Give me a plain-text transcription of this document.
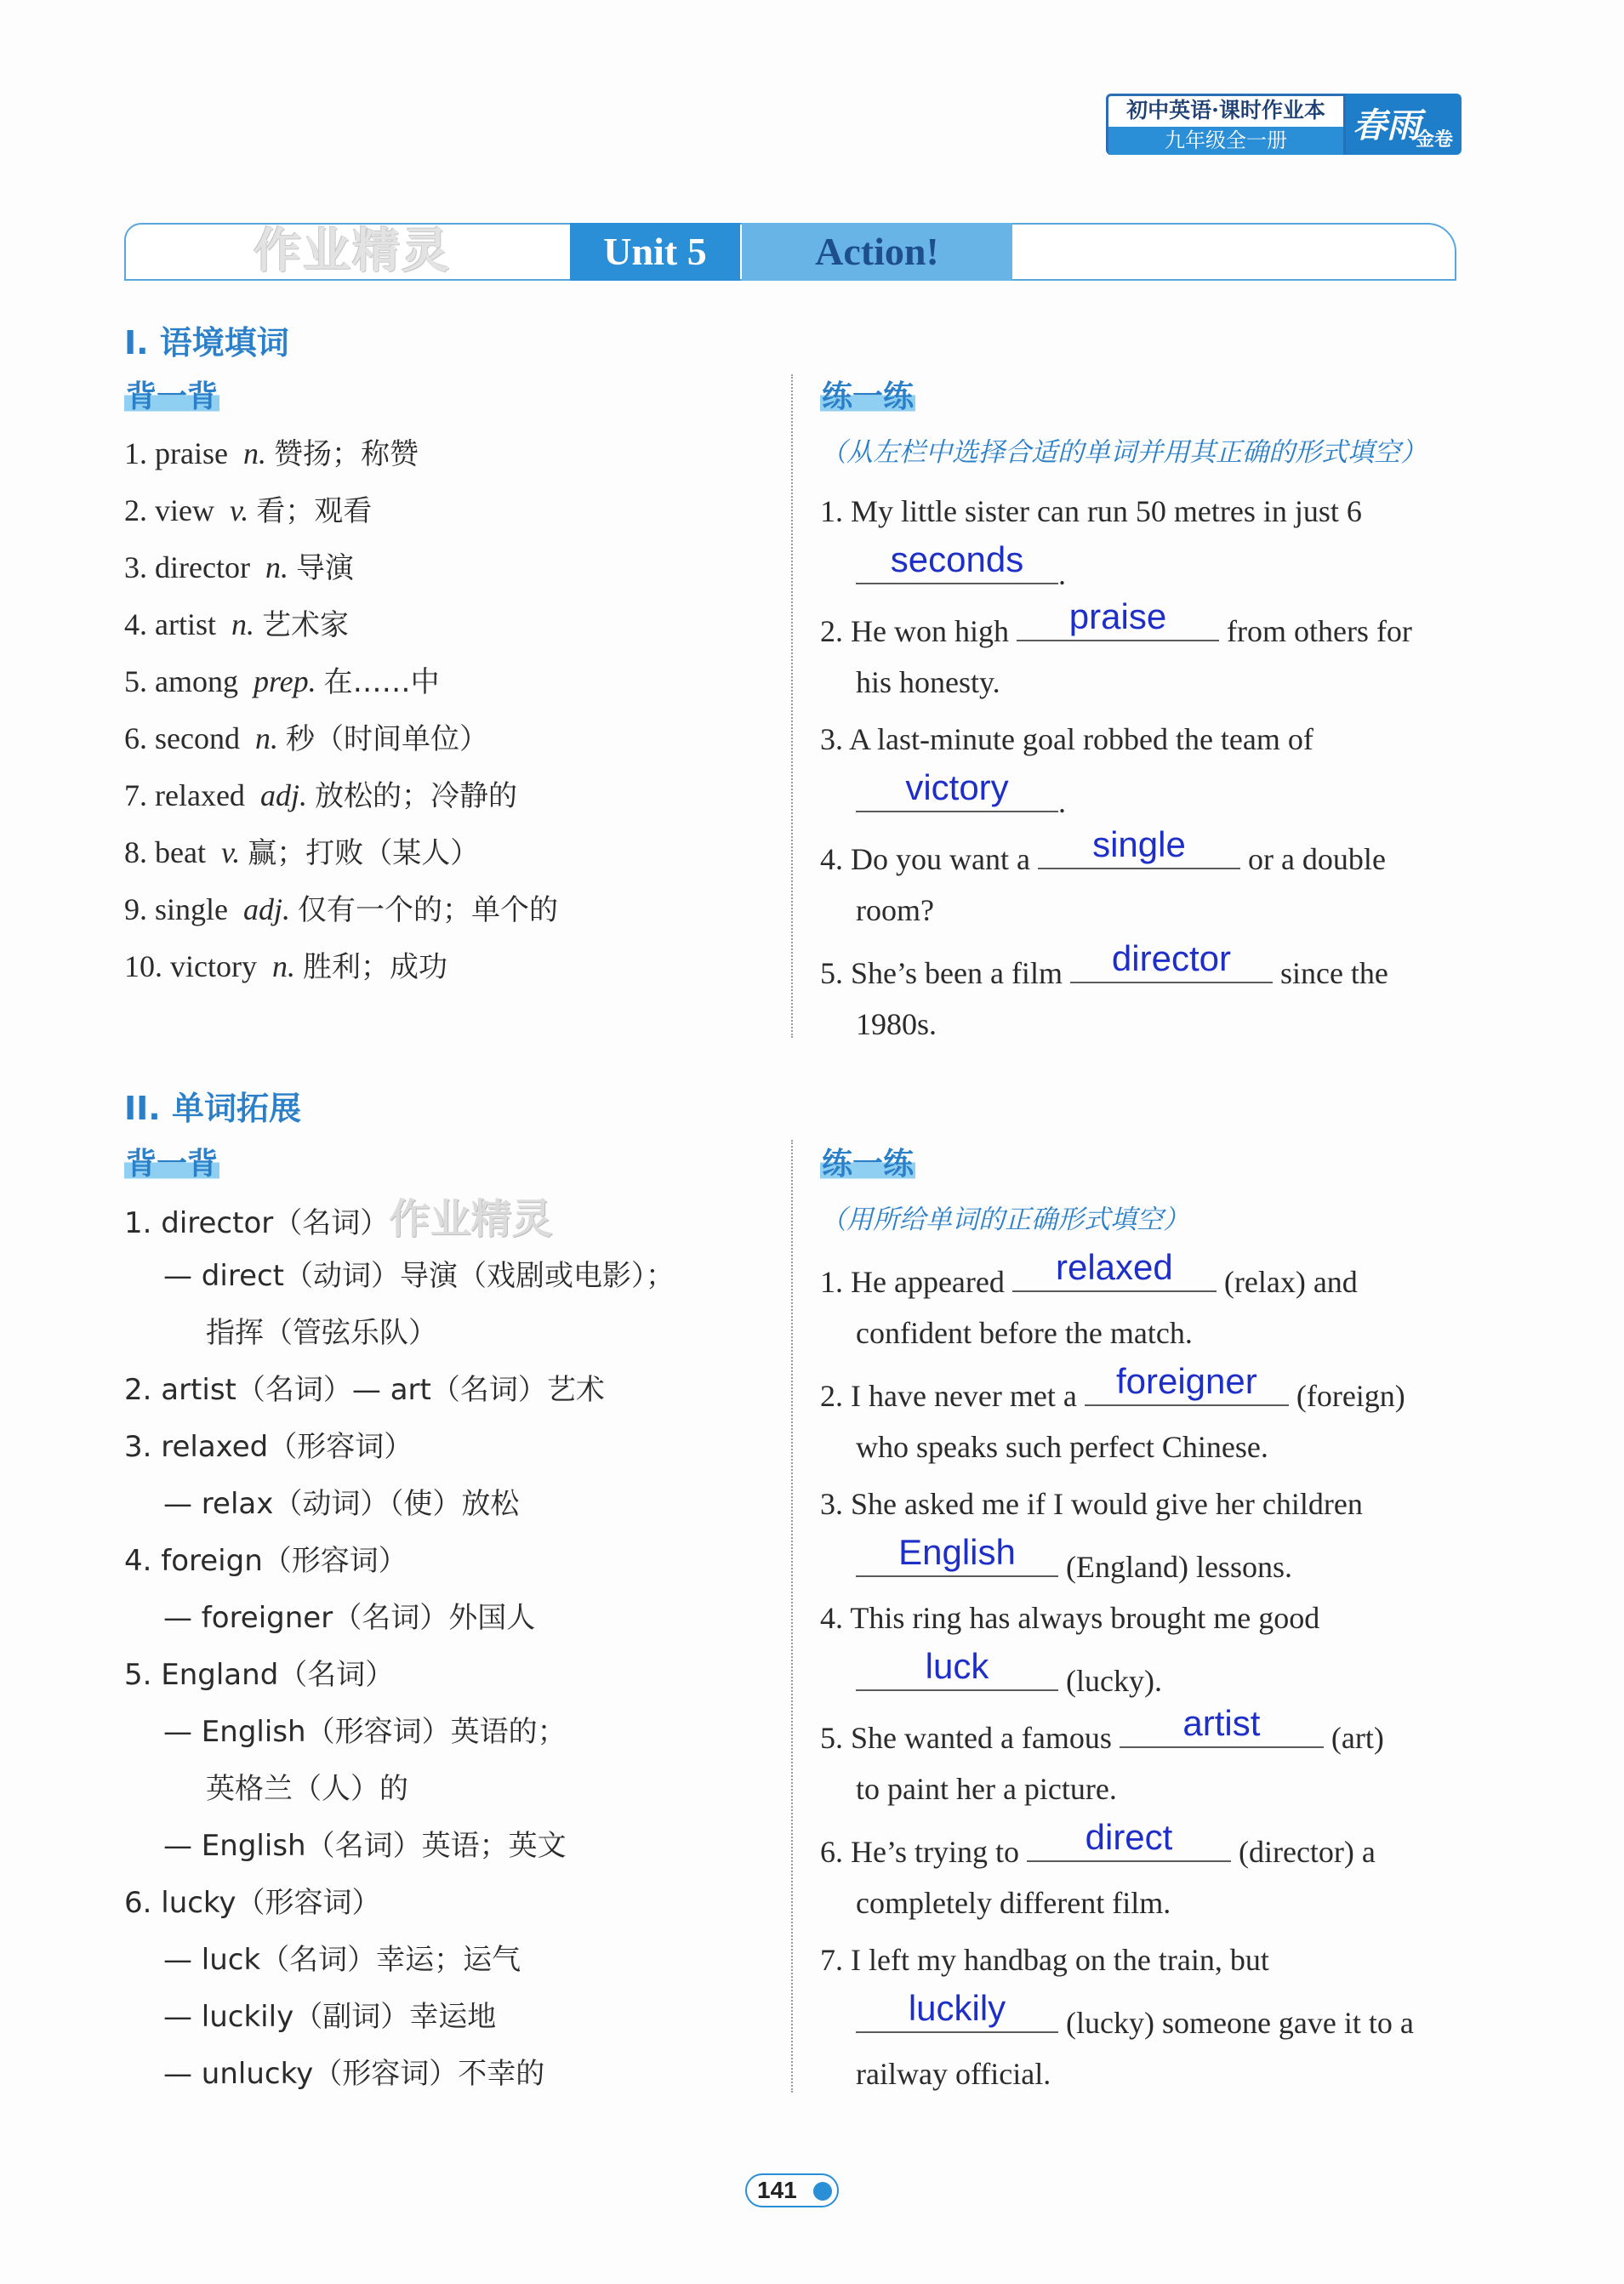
初中英语·课时作业本
九年级全一册	春雨
金卷
作业精灵	Unit 5	Action!
I. 语境填词
背一背	练一练
（从左栏中选择合适的单词并用其正确的形式填空）
1. praise n. 赞扬；称赞
2. view v. 看；观看
3. director n. 导演
4. artist n. 艺术家
5. among prep. 在……中
6. second n. 秒（时间单位）
7. relaxed adj. 放松的；冷静的
8. beat v. 赢；打败（某人）
9. single adj. 仅有一个的；单个的
10. victory n. 胜利；成功
1. My little sister can run 50 metres in just 6
seconds	.
2. He won high	praise	from others for
his honesty.
3. A last-minute goal robbed the team of
victory	.
4. Do you want a	single	or a double
room?
5. She’s been a film	director	since the
1980s.
II. 单词拓展
背一背	练一练
（用所给单词的正确形式填空）
1. director（名词）作业精灵
— direct（动词）导演（戏剧或电影）；
指挥（管弦乐队）
2. artist（名词）— art（名词）艺术
3. relaxed（形容词）
— relax（动词）（使）放松
4. foreign（形容词）
— foreigner（名词）外国人
5. England（名词）
— English（形容词）英语的；
英格兰（人）的
— English（名词）英语；英文
6. lucky（形容词）
— luck（名词）幸运；运气
— luckily（副词）幸运地
— unlucky（形容词）不幸的
1. He appeared	relaxed	(relax) and
confident before the match.
2. I have never met a	foreigner	(foreign)
who speaks such perfect Chinese.
3. She asked me if I would give her children
English	(England) lessons.
4. This ring has always brought me good
luck	(lucky).
5. She wanted a famous	artist	(art)
to paint her a picture.
6. He’s trying to	direct	(director) a
completely different film.
7. I left my handbag on the train, but
luckily	(lucky) someone gave it to a
railway official.
141
